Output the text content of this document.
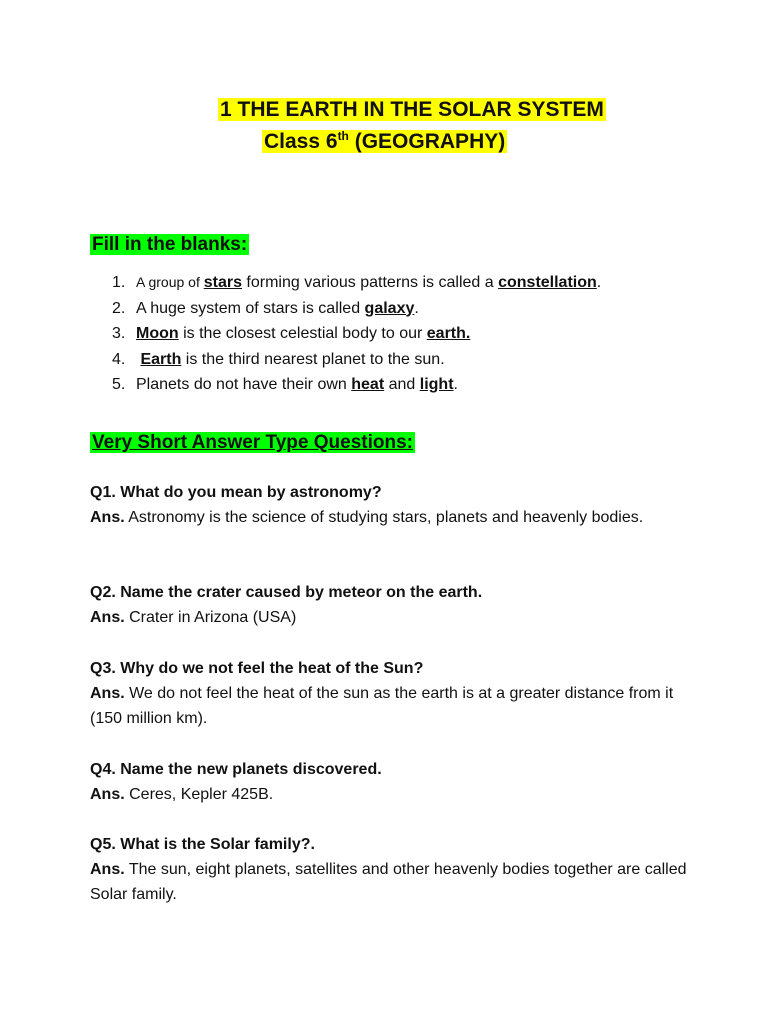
1 THE EARTH IN THE SOLAR SYSTEM
Class 6th (GEOGRAPHY)
Fill in the blanks:
1. A group of stars forming various patterns is called a constellation.
2. A huge system of stars is called galaxy.
3. Moon is the closest celestial body to our earth.
4. Earth is the third nearest planet to the sun.
5. Planets do not have their own heat and light.
Very Short Answer Type Questions:
Q1. What do you mean by astronomy?
Ans. Astronomy is the science of studying stars, planets and heavenly bodies.
Q2. Name the crater caused by meteor on the earth.
Ans. Crater in Arizona (USA)
Q3. Why do we not feel the heat of the Sun?
Ans. We do not feel the heat of the sun as the earth is at a greater distance from it (150 million km).
Q4. Name the new planets discovered.
Ans. Ceres, Kepler 425B.
Q5. What is the Solar family?.
Ans. The sun, eight planets, satellites and other heavenly bodies together are called Solar family.
